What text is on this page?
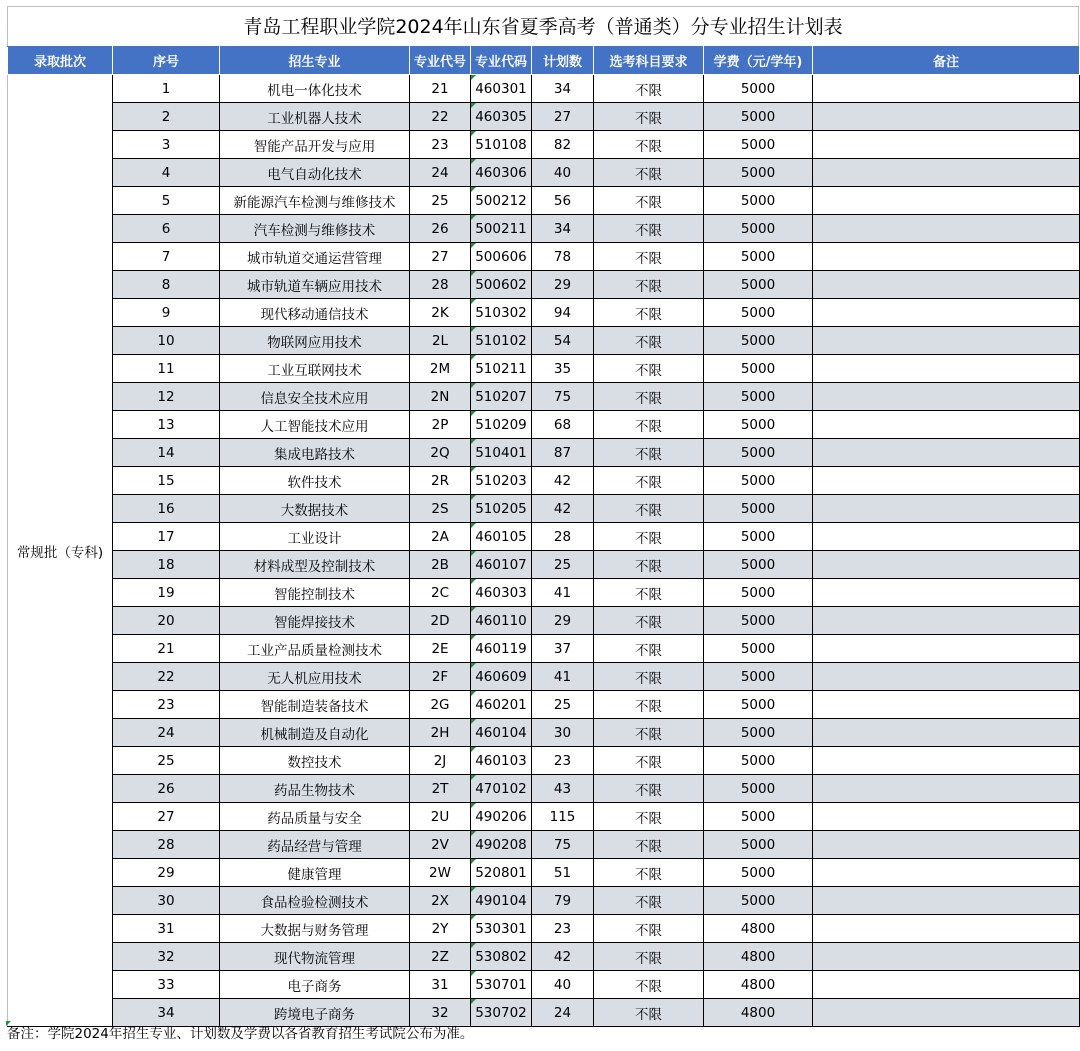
青岛工程职业学院2024年山东省夏季高考（普通类）分专业招生计划表
录取批次	序号	招生专业	专业代号	专业代码	计划数	选考科目要求	学费（元/学年)	备注
常规批（专科)	1	机电一体化技术	21	460301	34	不限	5000	
	2	工业机器人技术	22	460305	27	不限	5000	
	3	智能产品开发与应用	23	510108	82	不限	5000	
	4	电气自动化技术	24	460306	40	不限	5000	
	5	新能源汽车检测与维修技术	25	500212	56	不限	5000	
	6	汽车检测与维修技术	26	500211	34	不限	5000	
	7	城市轨道交通运营管理	27	500606	78	不限	5000	
	8	城市轨道车辆应用技术	28	500602	29	不限	5000	
	9	现代移动通信技术	2K	510302	94	不限	5000	
	10	物联网应用技术	2L	510102	54	不限	5000	
	11	工业互联网技术	2M	510211	35	不限	5000	
	12	信息安全技术应用	2N	510207	75	不限	5000	
	13	人工智能技术应用	2P	510209	68	不限	5000	
	14	集成电路技术	2Q	510401	87	不限	5000	
	15	软件技术	2R	510203	42	不限	5000	
	16	大数据技术	2S	510205	42	不限	5000	
	17	工业设计	2A	460105	28	不限	5000	
	18	材料成型及控制技术	2B	460107	25	不限	5000	
	19	智能控制技术	2C	460303	41	不限	5000	
	20	智能焊接技术	2D	460110	29	不限	5000	
	21	工业产品质量检测技术	2E	460119	37	不限	5000	
	22	无人机应用技术	2F	460609	41	不限	5000	
	23	智能制造装备技术	2G	460201	25	不限	5000	
	24	机械制造及自动化	2H	460104	30	不限	5000	
	25	数控技术	2J	460103	23	不限	5000	
	26	药品生物技术	2T	470102	43	不限	5000	
	27	药品质量与安全	2U	490206	115	不限	5000	
	28	药品经营与管理	2V	490208	75	不限	5000	
	29	健康管理	2W	520801	51	不限	5000	
	30	食品检验检测技术	2X	490104	79	不限	5000	
	31	大数据与财务管理	2Y	530301	23	不限	4800	
	32	现代物流管理	2Z	530802	42	不限	4800	
	33	电子商务	31	530701	40	不限	4800	
	34	跨境电子商务	32	530702	24	不限	4800	
备注：学院2024年招生专业、计划数及学费以各省教育招生考试院公布为准。
